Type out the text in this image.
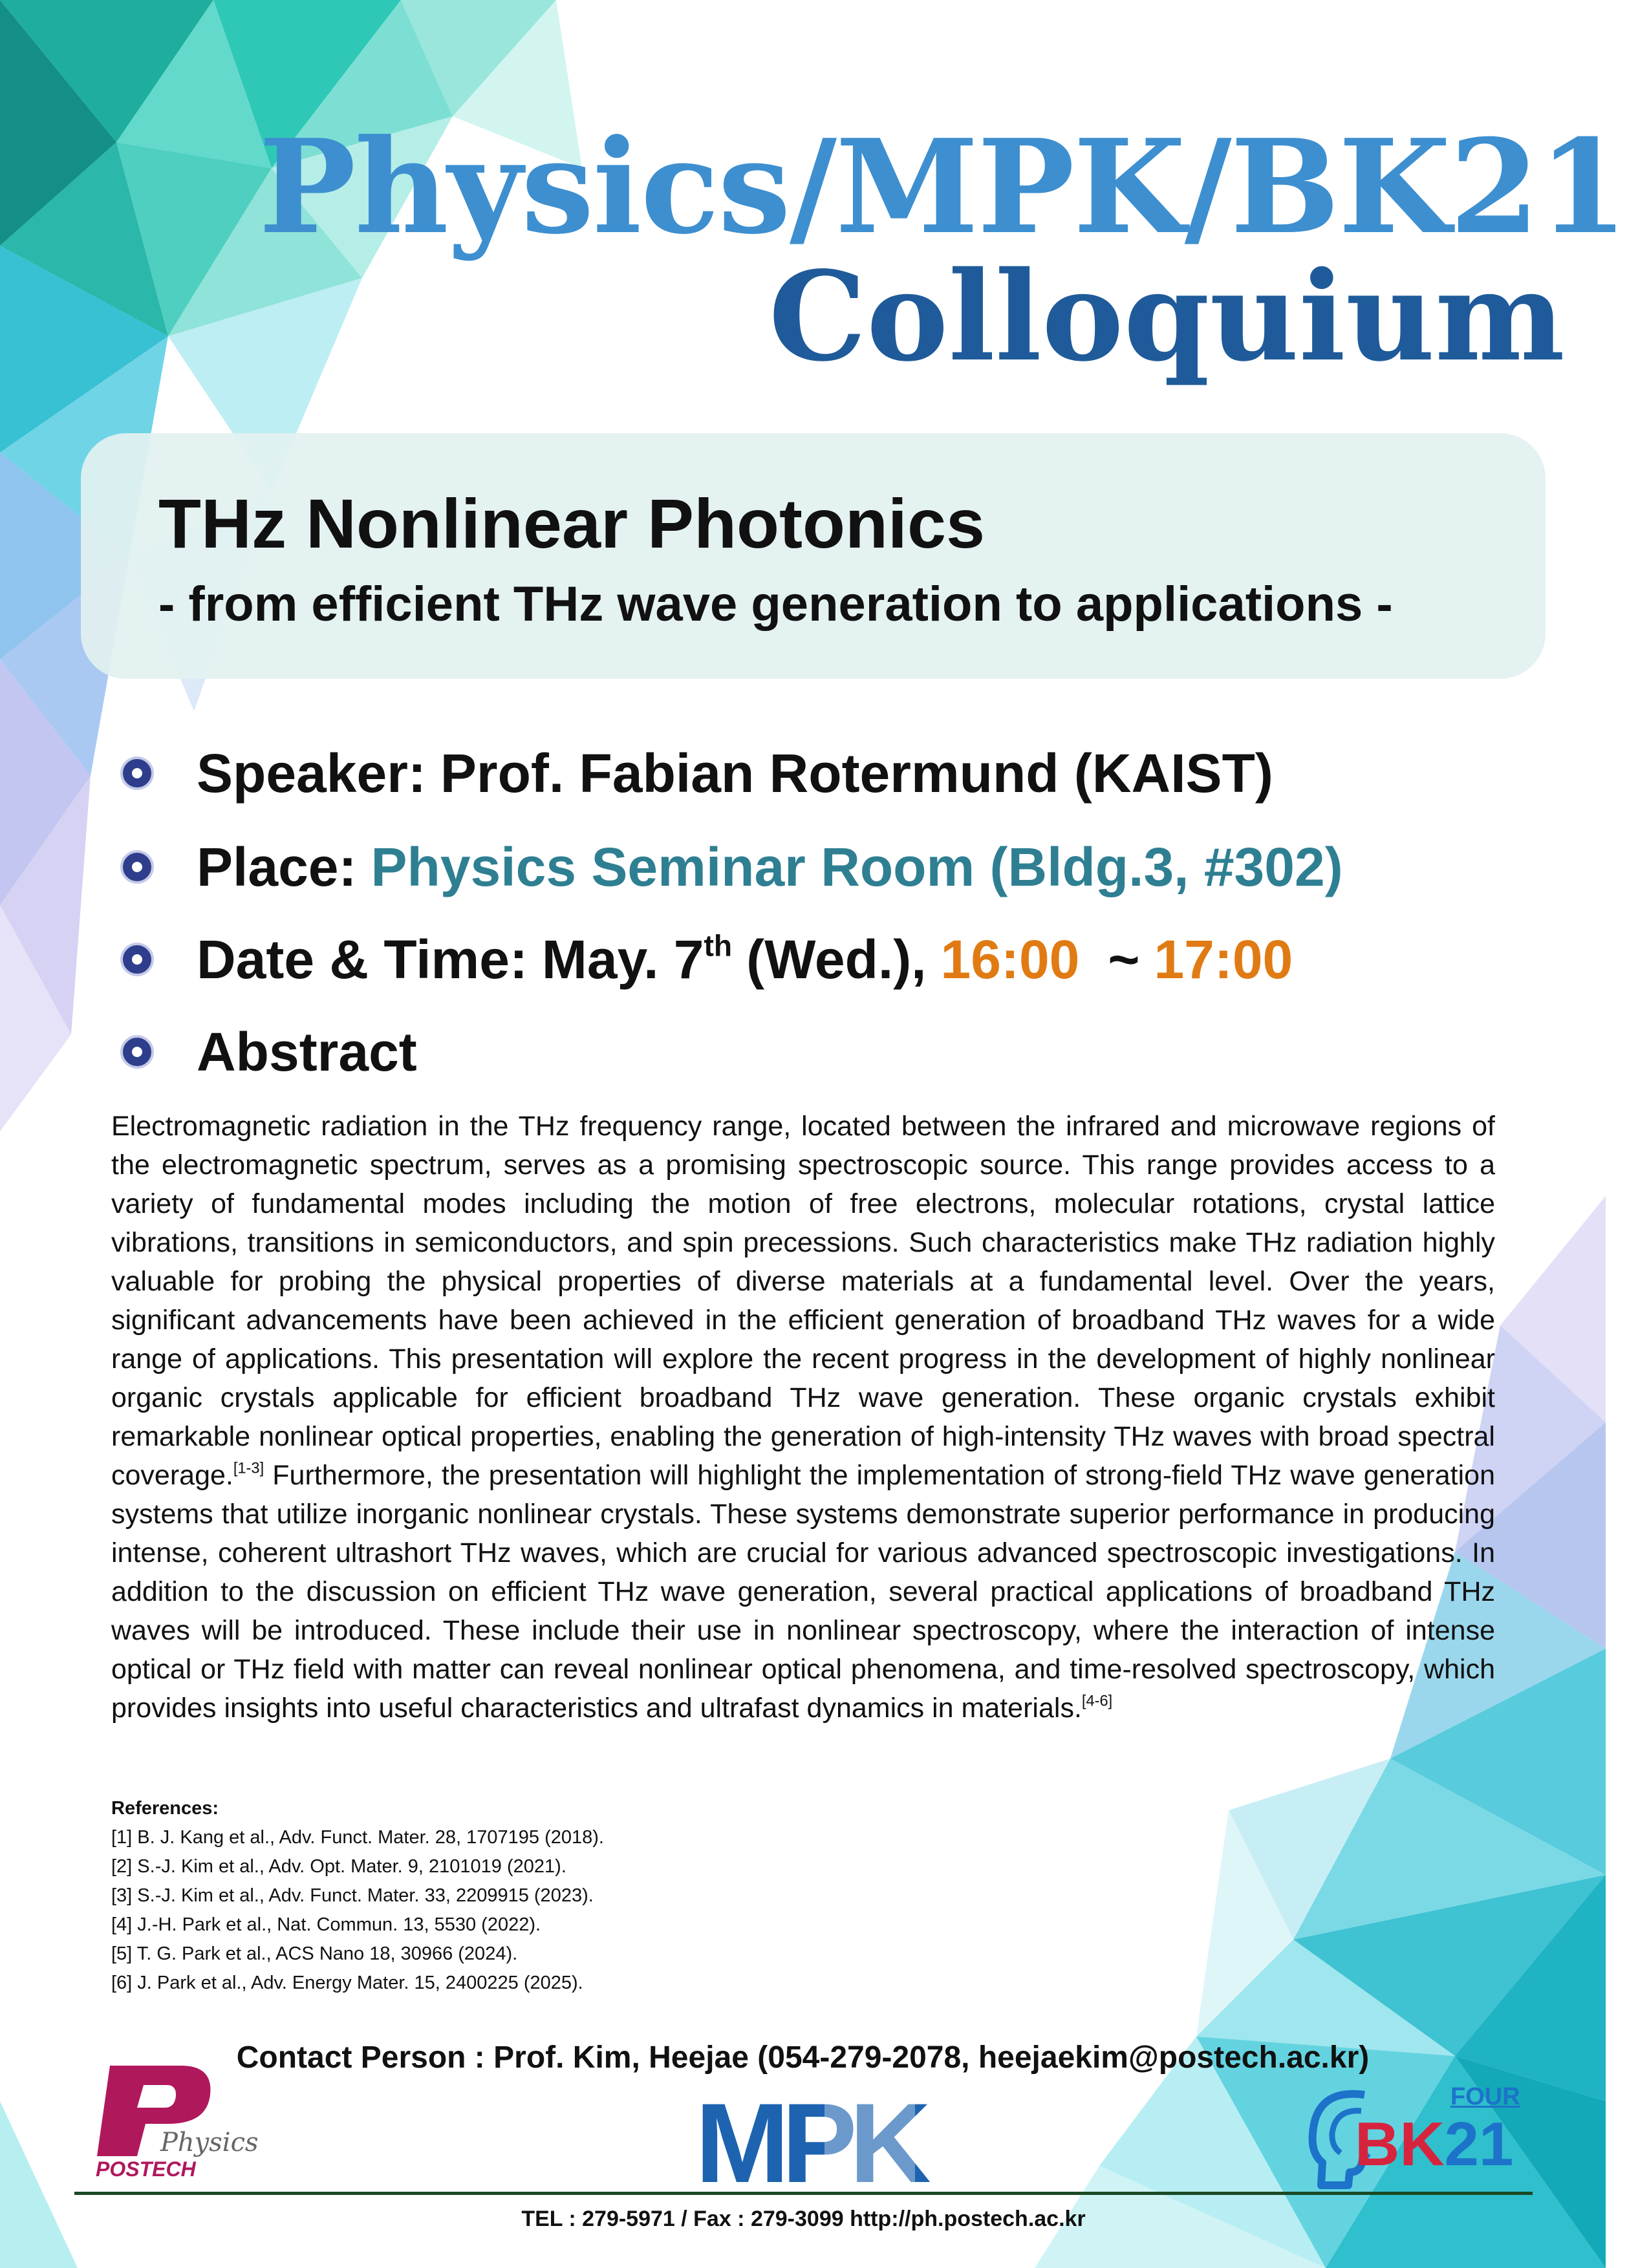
Physics/MPK/BK21
Colloquium
THz Nonlinear Photonics
- from efficient THz wave generation to applications -
Speaker: Prof. Fabian Rotermund (KAIST)
Place: Physics Seminar Room (Bldg.3, #302)
Date & Time: May. 7th (Wed.), 16:00 ~ 17:00
Abstract
Electromagnetic radiation in the THz frequency range, located between the infrared and microwave regions of the electromagnetic spectrum, serves as a promising spectroscopic source. This range provides access to a variety of fundamental modes including the motion of free electrons, molecular rotations, crystal lattice vibrations, transitions in semiconductors, and spin precessions. Such characteristics make THz radiation highly valuable for probing the physical properties of diverse materials at a fundamental level. Over the years, significant advancements have been achieved in the efficient generation of broadband THz waves for a wide range of applications. This presentation will explore the recent progress in the development of highly nonlinear organic crystals applicable for efficient broadband THz wave generation. These organic crystals exhibit remarkable nonlinear optical properties, enabling the generation of high-intensity THz waves with broad spectral coverage.[1-3] Furthermore, the presentation will highlight the implementation of strong-field THz wave generation systems that utilize inorganic nonlinear crystals. These systems demonstrate superior performance in producing intense, coherent ultrashort THz waves, which are crucial for various advanced spectroscopic investigations. In addition to the discussion on efficient THz wave generation, several practical applications of broadband THz waves will be introduced. These include their use in nonlinear spectroscopy, where the interaction of intense optical or THz field with matter can reveal nonlinear optical phenomena, and time-resolved spectroscopy, which provides insights into useful characteristics and ultrafast dynamics in materials.[4-6]
References:
[1] B. J. Kang et al., Adv. Funct. Mater. 28, 1707195 (2018).
[2] S.-J. Kim et al., Adv. Opt. Mater. 9, 2101019 (2021).
[3] S.-J. Kim et al., Adv. Funct. Mater. 33, 2209915 (2023).
[4] J.-H. Park et al., Nat. Commun. 13, 5530 (2022).
[5] T. G. Park et al., ACS Nano 18, 30966 (2024).
[6] J. Park et al., Adv. Energy Mater. 15, 2400225 (2025).
Contact Person : Prof. Kim, Heejae (054-279-2078, heejaekim@postech.ac.kr)
Physics
POSTECH	MPK	FOUR
BK21
TEL : 279-5971 / Fax : 279-3099 http://ph.postech.ac.kr
